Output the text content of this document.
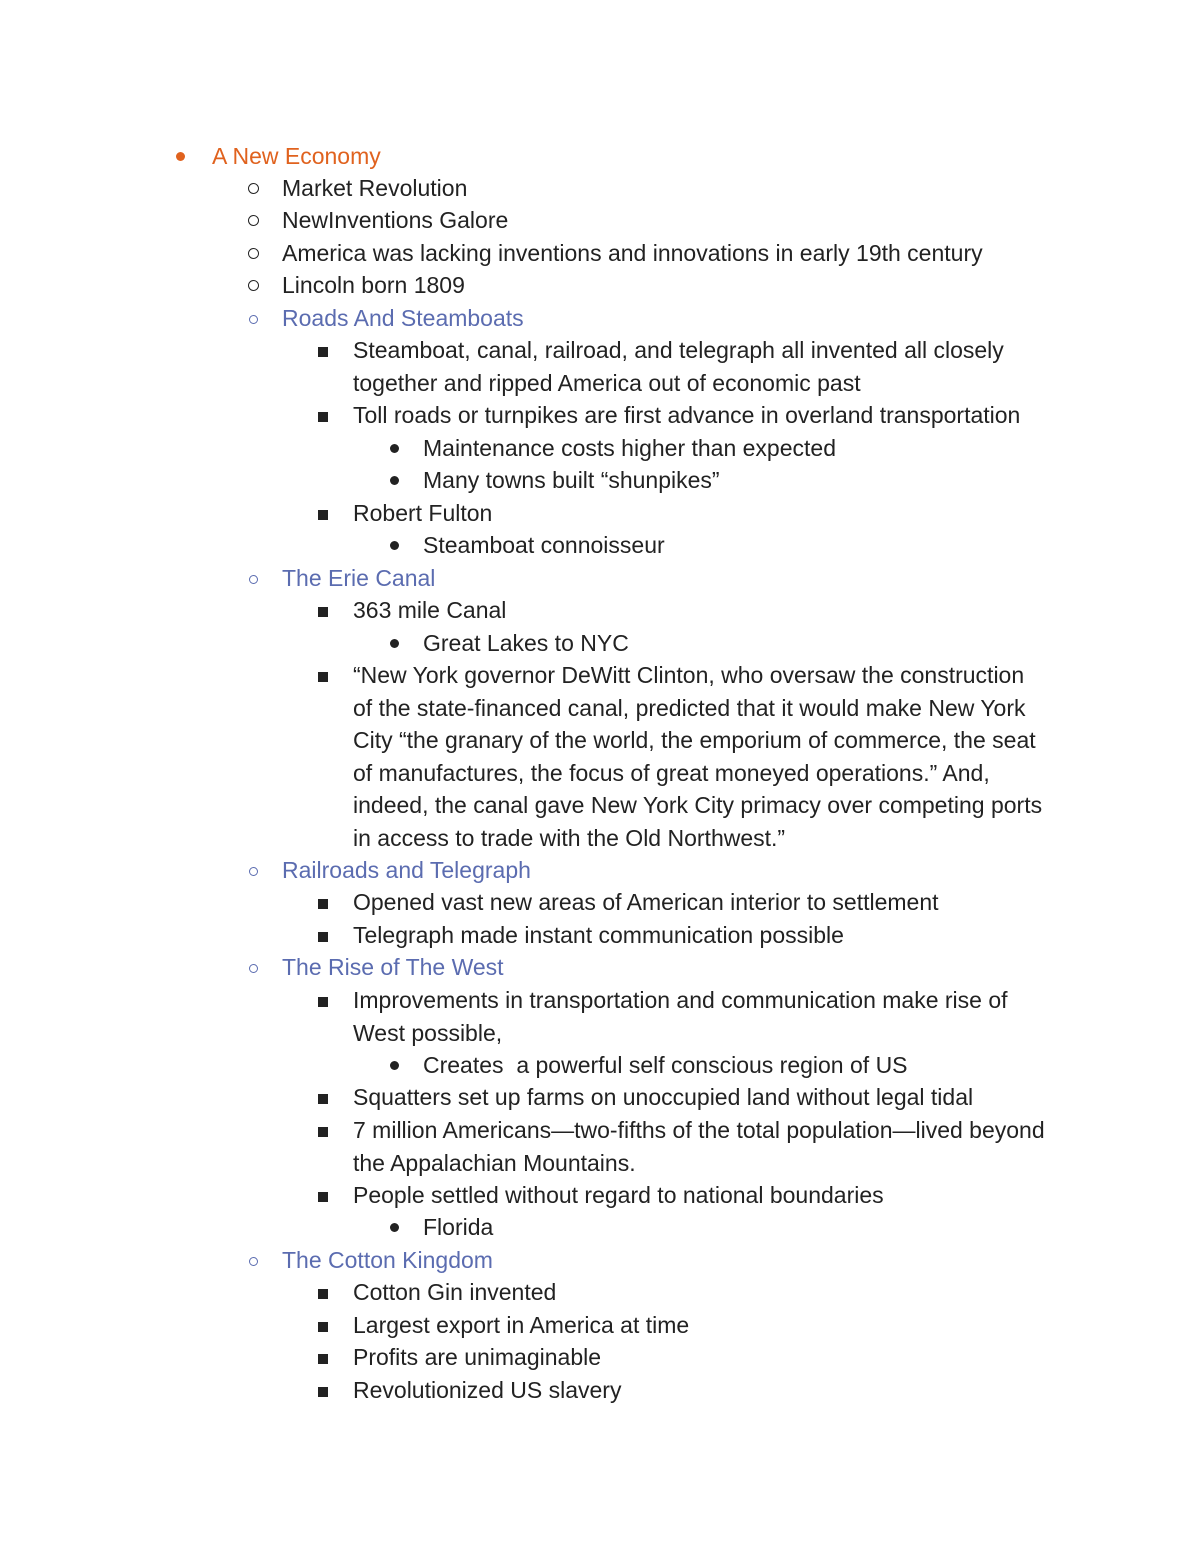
A New Economy
Market Revolution
NewInventions Galore
America was lacking inventions and innovations in early 19th century
Lincoln born 1809
Roads And Steamboats
Steamboat, canal, railroad, and telegraph all invented all closely together and ripped America out of economic past
Toll roads or turnpikes are first advance in overland transportation
Maintenance costs higher than expected
Many towns built “shunpikes”
Robert Fulton
Steamboat connoisseur
The Erie Canal
363 mile Canal
Great Lakes to NYC
“New York governor DeWitt Clinton, who oversaw the construction of the state-financed canal, predicted that it would make New York City “the granary of the world, the emporium of commerce, the seat of manufactures, the focus of great moneyed operations.” And, indeed, the canal gave New York City primacy over competing ports in access to trade with the Old Northwest.”
Railroads and Telegraph
Opened vast new areas of American interior to settlement
Telegraph made instant communication possible
The Rise of The West
Improvements in transportation and communication make rise of West possible,
Creates  a powerful self conscious region of US
Squatters set up farms on unoccupied land without legal tidal
7 million Americans—two-fifths of the total population—lived beyond the Appalachian Mountains.
People settled without regard to national boundaries
Florida
The Cotton Kingdom
Cotton Gin invented
Largest export in America at time
Profits are unimaginable
Revolutionized US slavery
